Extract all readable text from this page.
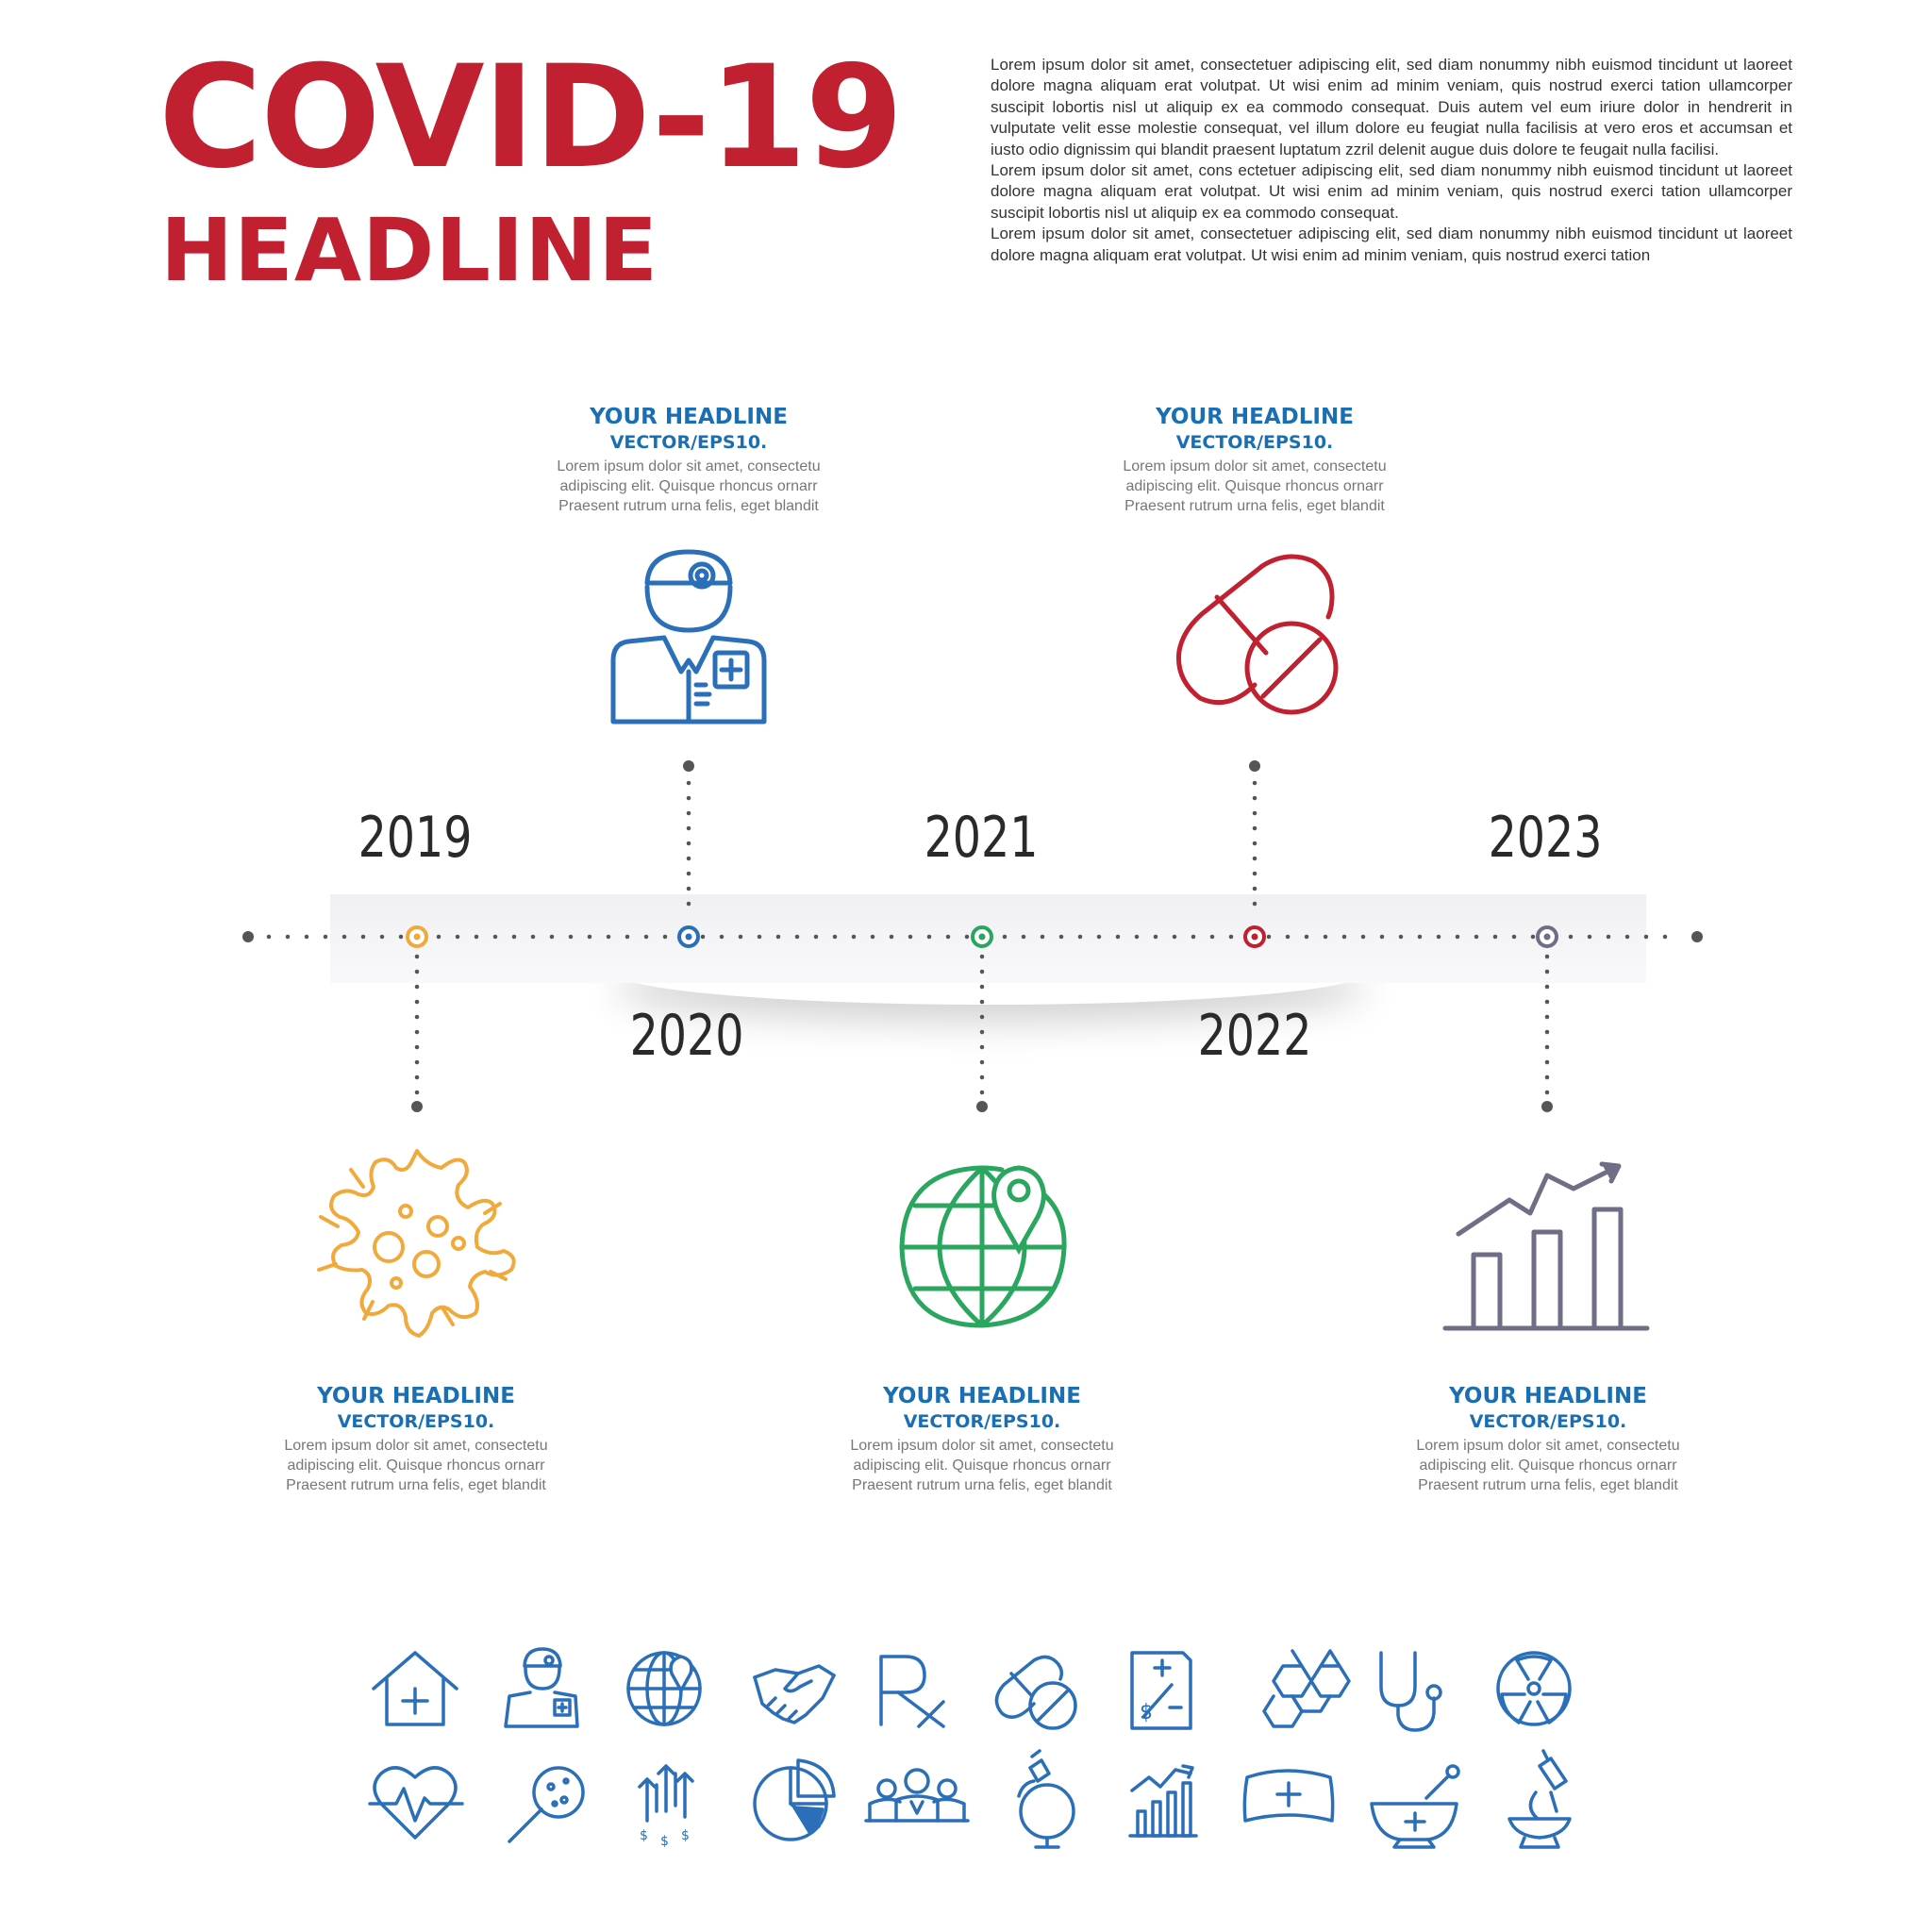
COVID-19
HEADLINE

Lorem ipsum dolor sit amet, consectetuer adipiscing elit, sed diam nonummy nibh euismod tincidunt ut laoreet dolore magna aliquam erat volutpat. Ut wisi enim ad minim veniam, quis nostrud exerci tation ullamcorper suscipit lobortis nisl ut aliquip ex ea commodo consequat. Duis autem vel eum iriure dolor in hendrerit in vulputate velit esse molestie consequat, vel illum dolore eu feugiat nulla facilisis at vero eros et accumsan et iusto odio dignissim qui blandit praesent luptatum zzril delenit augue duis dolore te feugait nulla facilisi.

Lorem ipsum dolor sit amet, cons ectetuer adipiscing elit, sed diam nonummy nibh euismod tincidunt ut laoreet dolore magna aliquam erat volutpat. Ut wisi enim ad minim veniam, quis nostrud exerci tation ullamcorper suscipit lobortis nisl ut aliquip ex ea commodo consequat.

Lorem ipsum dolor sit amet, consectetuer adipiscing elit, sed diam nonummy nibh euismod tincidunt ut laoreet dolore magna aliquam erat volutpat. Ut wisi enim ad minim veniam, quis nostrud exerci tation

2019
2020
2021
2022
2023
YOUR HEADLINE
VECTOR/EPS10.
Lorem ipsum dolor sit amet, consectetu
adipiscing elit. Quisque rhoncus ornarr
Praesent rutrum urna felis, eget blandit
YOUR HEADLINE
VECTOR/EPS10.
Lorem ipsum dolor sit amet, consectetu
adipiscing elit. Quisque rhoncus ornarr
Praesent rutrum urna felis, eget blandit
YOUR HEADLINE
VECTOR/EPS10.
Lorem ipsum dolor sit amet, consectetu
adipiscing elit. Quisque rhoncus ornarr
Praesent rutrum urna felis, eget blandit
YOUR HEADLINE
VECTOR/EPS10.
Lorem ipsum dolor sit amet, consectetu
adipiscing elit. Quisque rhoncus ornarr
Praesent rutrum urna felis, eget blandit
YOUR HEADLINE
VECTOR/EPS10.
Lorem ipsum dolor sit amet, consectetu
adipiscing elit. Quisque rhoncus ornarr
Praesent rutrum urna felis, eget blandit
$
$ $ $
